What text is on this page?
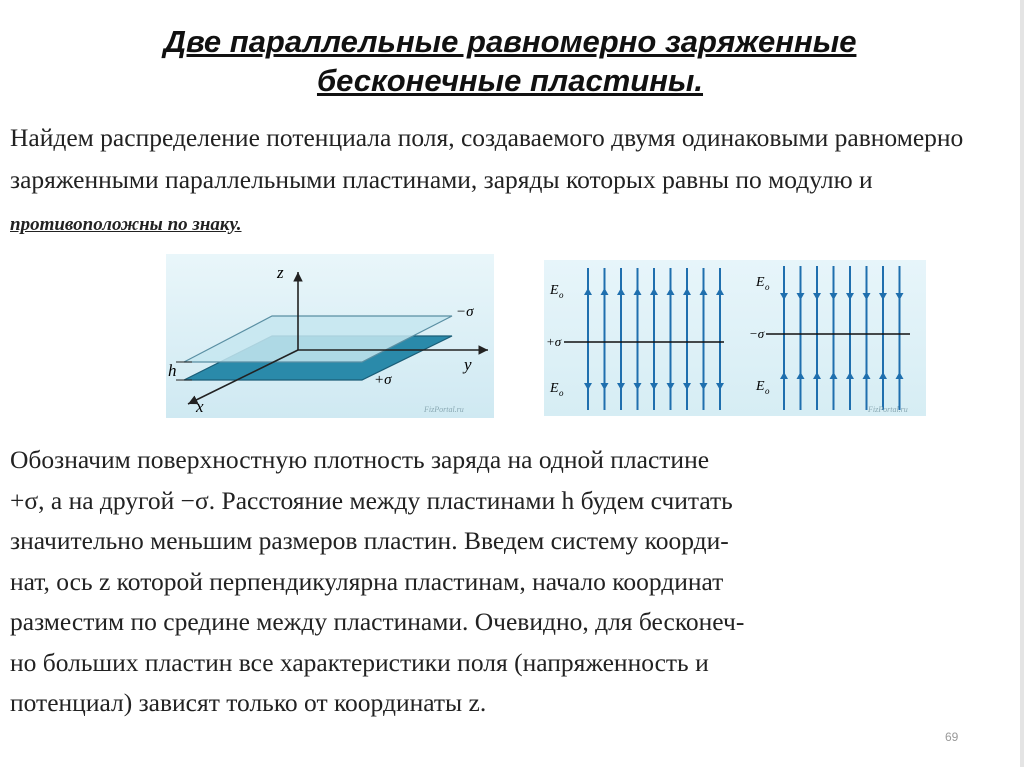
Две параллельные равномерно заряженные
бесконечные пластины.
Найдем распределение потенциала поля, создаваемого двумя одинаковыми равномерно заряженными параллельными пластинами, заряды которых равны по модулю и противоположны по знаку.
z
y
x
h
−σ
+σ
FizPortal.ru
E o
+σ
E o
E o
−σ
E o
FizPortal.ru
Обозначим поверхностную плотность заряда на одной пластине
+σ, а на другой −σ. Расстояние между пластинами h будем считать
значительно меньшим размеров пластин. Введем систему коорди-
нат, ось z которой перпендикулярна пластинам, начало координат
разместим по средине между пластинами. Очевидно, для бесконеч-
но больших пластин все характеристики поля (напряженность и
потенциал) зависят только от координаты z.
69
